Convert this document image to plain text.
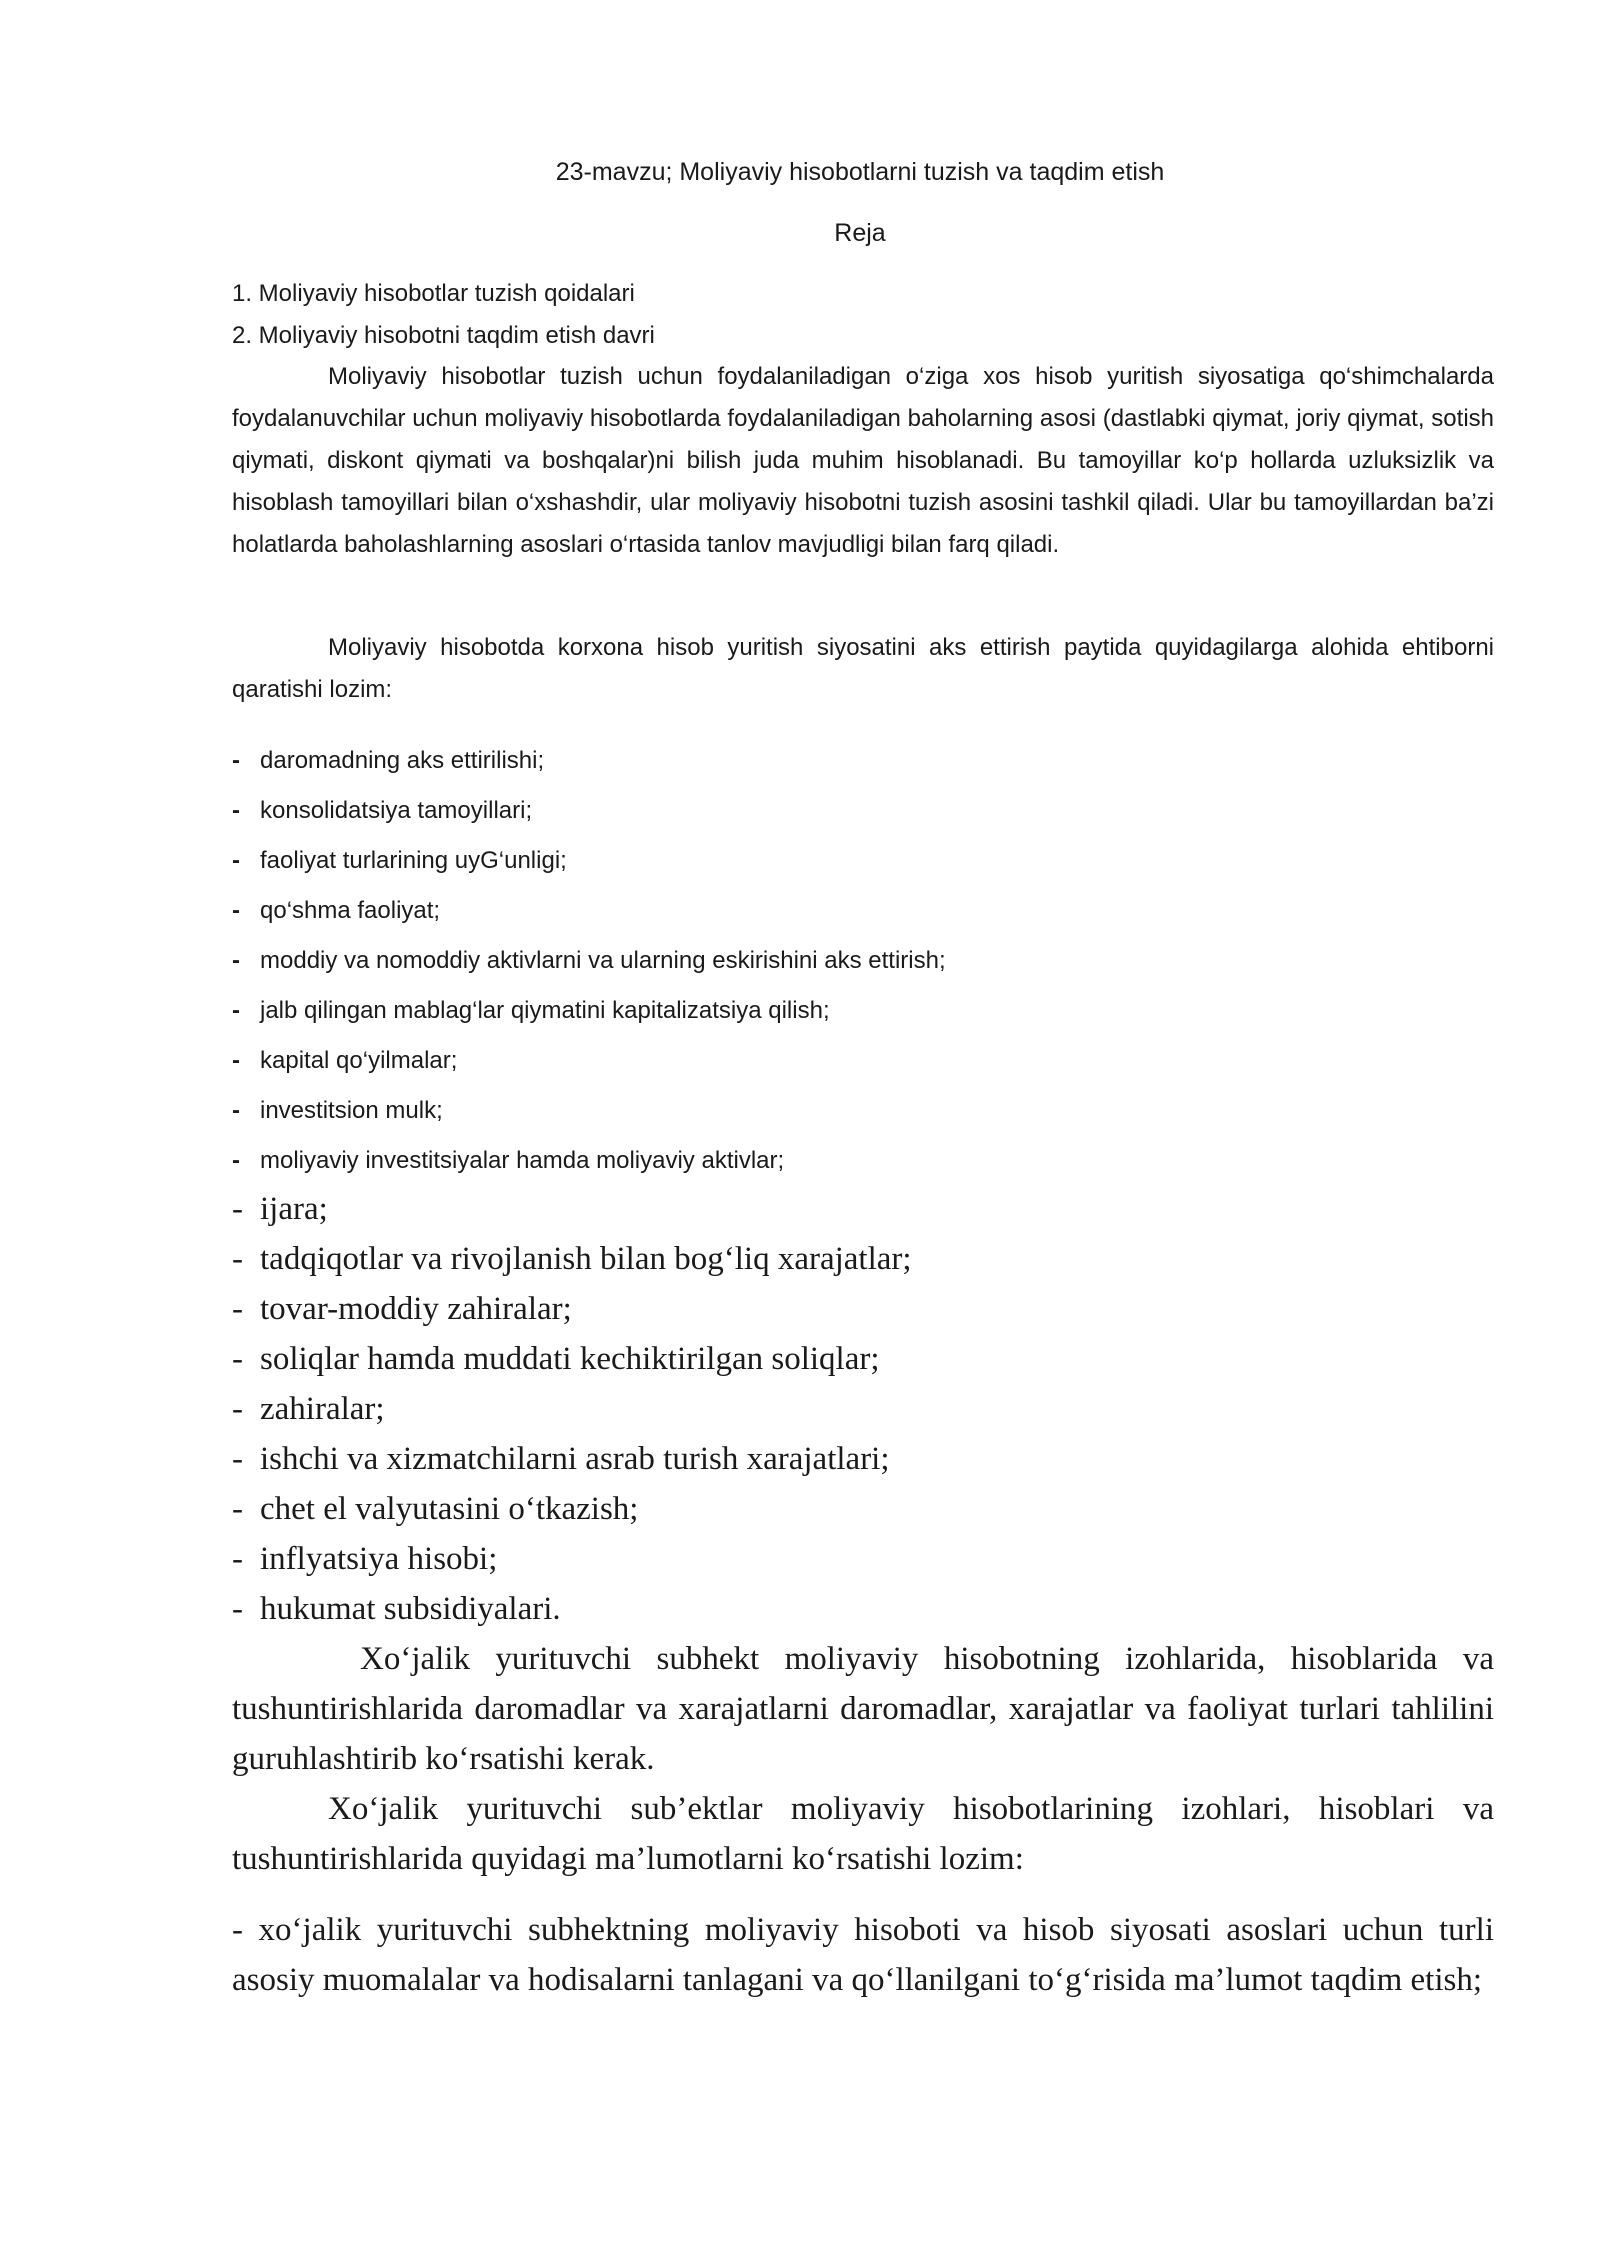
23-mavzu; Moliyaviy hisobotlarni tuzish va taqdim etish
Reja
1. Moliyaviy hisobotlar tuzish qoidalari
2. Moliyaviy hisobotni taqdim etish davri

Moliyaviy hisobotlar tuzish uchun foydalaniladigan o‘ziga xos hisob yuritish siyosatiga qo‘shimchalarda foydalanuvchilar uchun moliyaviy hisobotlarda foydalaniladigan baholarning asosi (dastlabki qiymat, joriy qiymat, sotish qiymati, diskont qiymati va boshqalar)ni bilish juda muhim hisoblanadi. Bu tamoyillar ko‘p hollarda uzluksizlik va hisoblash tamoyillari bilan o‘xshashdir, ular moliyaviy hisobotni tuzish asosini tashkil qiladi. Ular bu tamoyillardan ba’zi holatlarda baholashlarning asoslari o‘rtasida tanlov mavjudligi bilan farq qiladi.

Moliyaviy hisobotda korxona hisob yuritish siyosatini aks ettirish paytida quyidagilarga alohida ehtiborni qaratishi lozim:

- daromadning aks ettirilishi;
- konsolidatsiya tamoyillari;
- faoliyat turlarining uyG‘unligi;
- qo‘shma faoliyat;
- moddiy va nomoddiy aktivlarni va ularning eskirishini aks ettirish;
- jalb qilingan mablag‘lar qiymatini kapitalizatsiya qilish;
- kapital qo‘yilmalar;
- investitsion mulk;
- moliyaviy investitsiyalar hamda moliyaviy aktivlar;
- ijara;
- tadqiqotlar va rivojlanish bilan bog‘liq xarajatlar;
- tovar-moddiy zahiralar;
- soliqlar hamda muddati kechiktirilgan soliqlar;
- zahiralar;
- ishchi va xizmatchilarni asrab turish xarajatlari;
- chet el valyutasini o‘tkazish;
- inflyatsiya hisobi;
- hukumat subsidiyalari.

Xo‘jalik yurituvchi subhekt moliyaviy hisobotning izohlarida, hisoblarida va tushuntirishlarida daromadlar va xarajatlarni daromadlar, xarajatlar va faoliyat turlari tahlilini guruhlashtirib ko‘rsatishi kerak.

Xo‘jalik yurituvchi sub’ektlar moliyaviy hisobotlarining izohlari, hisoblari va tushuntirishlarida quyidagi ma’lumotlarni ko‘rsatishi lozim:

- xo‘jalik yurituvchi subhektning moliyaviy hisoboti va hisob siyosati asoslari uchun turli asosiy muomalalar va hodisalarni tanlagani va qo‘llanilgani to‘g‘risida ma’lumot taqdim etish;
